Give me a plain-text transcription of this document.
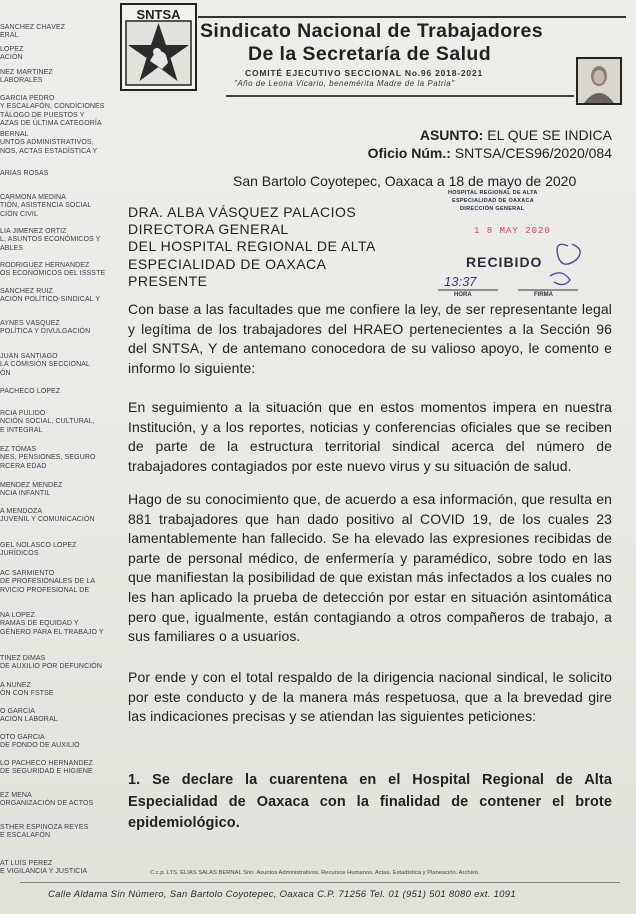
SÁNCHEZ CHÁVEZ
ERAL
LÓPEZ
ACIÓN
NEZ MARTÍNEZ
LABORALES
GARCÍA PEDRO
Y ESCALAFÓN, CONDICIONES
TÁLOGO DE PUESTOS Y
AZAS DE ÚLTIMA CATEGORÍA
BERNAL
UNTOS ADMINISTRATIVOS,
NOS, ACTAS ESTADÍSTICA Y
ARIAS ROSAS
CARMONA MEDINA
TIÓN, ASISTENCIA SOCIAL
CIÓN CIVIL
LIA JIMÉNEZ ORTIZ
L, ASUNTOS ECONÓMICOS Y
ABLES
RODRÍGUEZ HERNÁNDEZ
OS ECONÓMICOS DEL ISSSTE
SÁNCHEZ RUIZ
ACIÓN POLÍTICO-SINDICAL Y
AYNES VÁSQUEZ
POLÍTICA Y DIVULGACIÓN
JUAN SANTIAGO
LA COMISIÓN SECCIONAL
ÓN
PACHECO LÓPEZ
RCÍA PULIDO
NCIÓN SOCIAL, CULTURAL,
E INTEGRAL
EZ TOMÁS
NES, PENSIONES, SEGURO
RCERA EDAD
MÉNDEZ MÉNDEZ
NCIA INFANTIL
A MENDOZA
JUVENIL Y COMUNICACIÓN
GEL NOLASCO LÓPEZ
JURÍDICOS
AC SARMIENTO
DE PROFESIONALES DE LA
RVICIO PROFESIONAL DE
NA LÓPEZ
RAMAS DE EQUIDAD Y
GÉNERO PARA EL TRABAJO Y
TÍNEZ DIMAS
DE AUXILIO POR DEFUNCIÓN
A NÚÑEZ
ÓN CON FSTSE
O GARCÍA
ACIÓN LABORAL
OTO GARCÍA
DE FONDO DE AUXILIO
LO PACHECO HERNÁNDEZ
DE SEGURIDAD E HIGIENE
EZ MENA
ORGANIZACIÓN DE ACTOS
STHER ESPINOZA REYES
E ESCALAFÓN
AT LUIS PÉREZ
E VIGILANCIA Y JUSTICIA
SNTSA
Sindicato Nacional de Trabajadores
De la Secretaría de Salud
COMITÉ EJECUTIVO SECCIONAL No.96 2018-2021
"Año de Leona Vicario, benemérita Madre de la Patria"
ASUNTO: EL QUE SE INDICA
Oficio Núm.: SNTSA/CES96/2020/084
San Bartolo Coyotepec, Oaxaca a 18 de mayo de 2020
DRA. ALBA VÁSQUEZ PALACIOS
DIRECTORA GENERAL
DEL HOSPITAL REGIONAL DE ALTA
ESPECIALIDAD DE OAXACA
PRESENTE
HOSPITAL REGIONAL DE ALTA
ESPECIALIDAD DE OAXACA
DIRECCIÓN GENERAL
1 8 MAY 2020
RECIBIDO
13:37
HORA	FIRMA
Con base a las facultades que me confiere la ley, de ser representante legal y legítima de los trabajadores del HRAEO pertenecientes a la Sección 96 del SNTSA, Y de antemano conocedora de su valioso apoyo, le comento e informo lo siguiente:
En seguimiento a la situación que en estos momentos impera en nuestra Institución, y a los reportes, noticias y conferencias oficiales que se reciben de parte de la estructura territorial sindical acerca del número de trabajadores contagiados por este nuevo virus y su situación de salud.
Hago de su conocimiento que, de acuerdo a esa información, que resulta en 881 trabajadores que han dado positivo al COVID 19, de los cuales 23 lamentablemente han fallecido. Se ha elevado las expresiones recibidas de parte de personal médico, de enfermería y paramédico, sobre todo en las que manifiestan la posibilidad de que existan más infectados a los cuales no les han aplicado la prueba de detección por estar en situación asintomática pero que, igualmente, están contagiando a otros compañeros de trabajo, a sus familiares o a usuarios.
Por ende y con el total respaldo de la dirigencia nacional sindical, le solicito por este conducto y de la manera más respetuosa, que a la brevedad gire las indicaciones precisas y se atiendan las siguientes peticiones:
1. Se declare la cuarentena en el Hospital Regional de Alta Especialidad de Oaxaca con la finalidad de contener el brote epidemiológico.
C.c.p. LTS. ELIAS SALAS BERNAL Srio. Asuntos Administrativos, Recursos Humanos, Actas, Estadística y Planeación. Archivo.
Calle Aldama Sin Número, San Bartolo Coyotepec, Oaxaca C.P. 71256 Tel. 01 (951) 501 8080 ext. 1091
